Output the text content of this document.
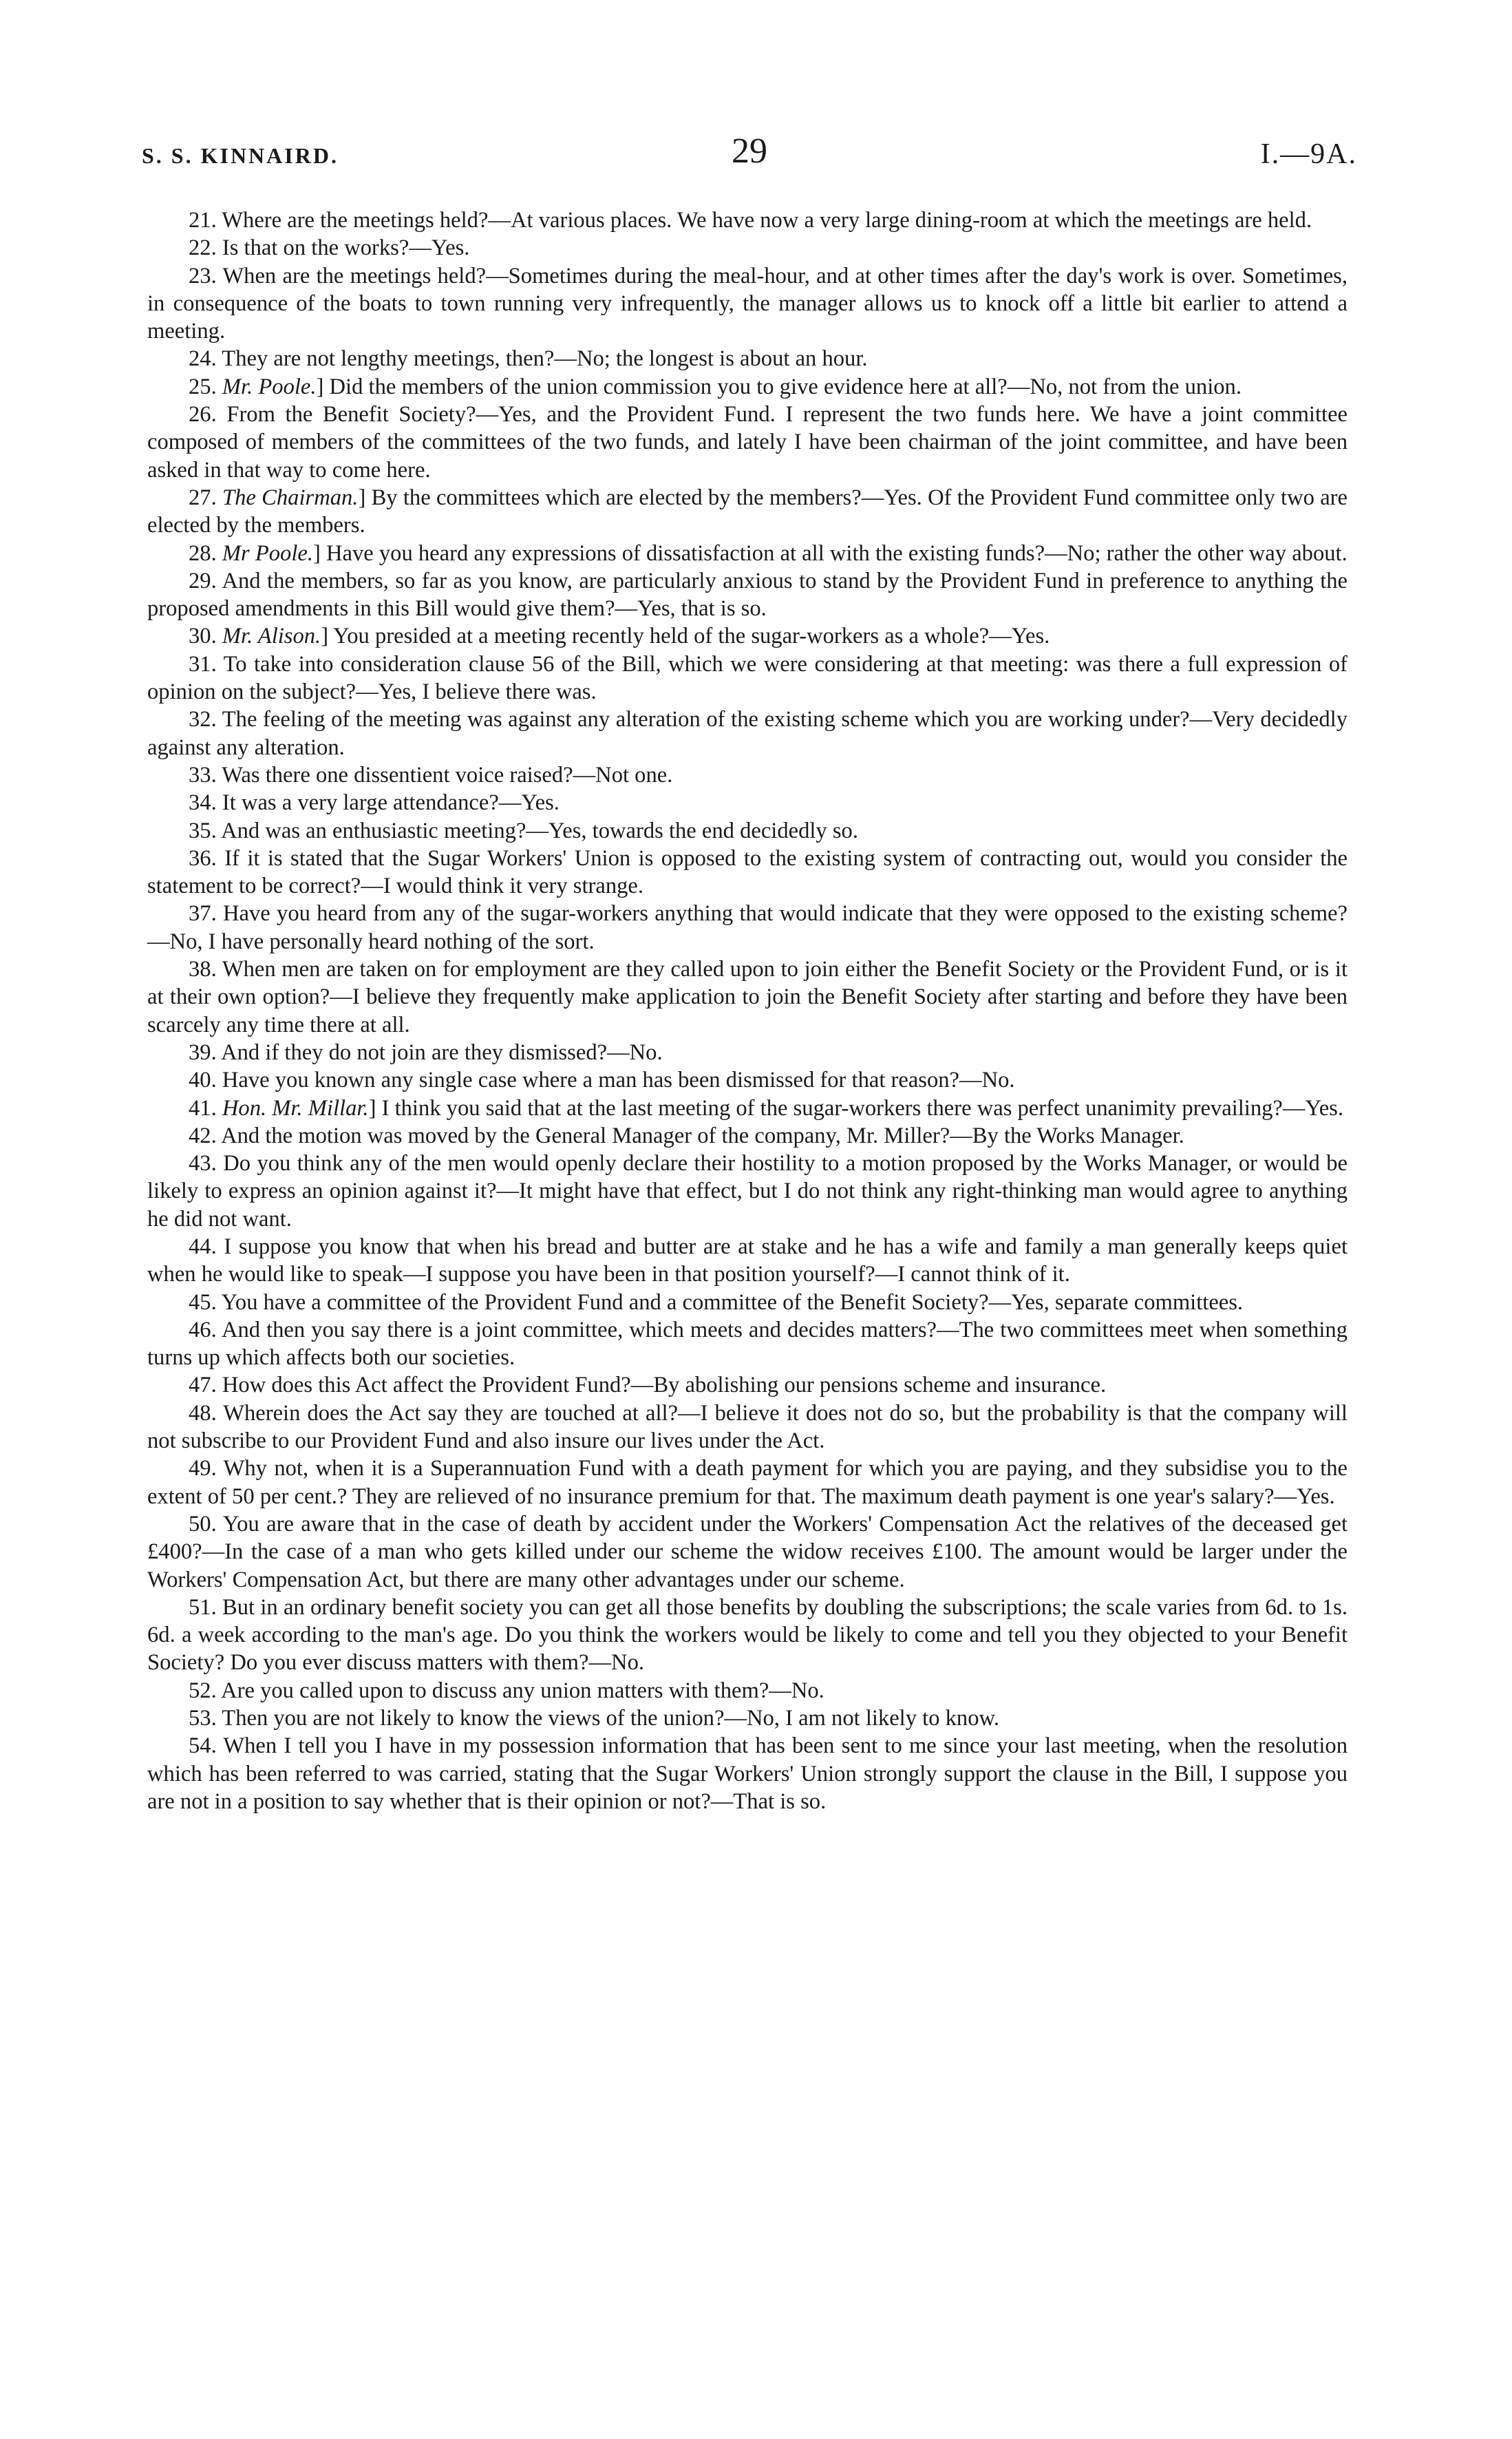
S. S. KINNAIRD.	29	I.—9A.

21. Where are the meetings held?—At various places. We have now a very large dining-room at which the meetings are held.

22. Is that on the works?—Yes.

23. When are the meetings held?—Sometimes during the meal-hour, and at other times after the day's work is over. Sometimes, in consequence of the boats to town running very infrequently, the manager allows us to knock off a little bit earlier to attend a meeting.

24. They are not lengthy meetings, then?—No; the longest is about an hour.

25. Mr. Poole.] Did the members of the union commission you to give evidence here at all?—No, not from the union.

26. From the Benefit Society?—Yes, and the Provident Fund. I represent the two funds here. We have a joint committee composed of members of the committees of the two funds, and lately I have been chairman of the joint committee, and have been asked in that way to come here.

27. The Chairman.] By the committees which are elected by the members?—Yes. Of the Provident Fund committee only two are elected by the members.

28. Mr Poole.] Have you heard any expressions of dissatisfaction at all with the existing funds?—No; rather the other way about.

29. And the members, so far as you know, are particularly anxious to stand by the Provident Fund in preference to anything the proposed amendments in this Bill would give them?—Yes, that is so.

30. Mr. Alison.] You presided at a meeting recently held of the sugar-workers as a whole?—Yes.

31. To take into consideration clause 56 of the Bill, which we were considering at that meeting: was there a full expression of opinion on the subject?—Yes, I believe there was.

32. The feeling of the meeting was against any alteration of the existing scheme which you are working under?—Very decidedly against any alteration.

33. Was there one dissentient voice raised?—Not one.

34. It was a very large attendance?—Yes.

35. And was an enthusiastic meeting?—Yes, towards the end decidedly so.

36. If it is stated that the Sugar Workers' Union is opposed to the existing system of contracting out, would you consider the statement to be correct?—I would think it very strange.

37. Have you heard from any of the sugar-workers anything that would indicate that they were opposed to the existing scheme?—No, I have personally heard nothing of the sort.

38. When men are taken on for employment are they called upon to join either the Benefit Society or the Provident Fund, or is it at their own option?—I believe they frequently make application to join the Benefit Society after starting and before they have been scarcely any time there at all.

39. And if they do not join are they dismissed?—No.

40. Have you known any single case where a man has been dismissed for that reason?—No.

41. Hon. Mr. Millar.] I think you said that at the last meeting of the sugar-workers there was perfect unanimity prevailing?—Yes.

42. And the motion was moved by the General Manager of the company, Mr. Miller?—By the Works Manager.

43. Do you think any of the men would openly declare their hostility to a motion proposed by the Works Manager, or would be likely to express an opinion against it?—It might have that effect, but I do not think any right-thinking man would agree to anything he did not want.

44. I suppose you know that when his bread and butter are at stake and he has a wife and family a man generally keeps quiet when he would like to speak—I suppose you have been in that position yourself?—I cannot think of it.

45. You have a committee of the Provident Fund and a committee of the Benefit Society?—Yes, separate committees.

46. And then you say there is a joint committee, which meets and decides matters?—The two committees meet when something turns up which affects both our societies.

47. How does this Act affect the Provident Fund?—By abolishing our pensions scheme and insurance.

48. Wherein does the Act say they are touched at all?—I believe it does not do so, but the probability is that the company will not subscribe to our Provident Fund and also insure our lives under the Act.

49. Why not, when it is a Superannuation Fund with a death payment for which you are paying, and they subsidise you to the extent of 50 per cent.? They are relieved of no insurance premium for that. The maximum death payment is one year's salary?—Yes.

50. You are aware that in the case of death by accident under the Workers' Compensation Act the relatives of the deceased get £400?—In the case of a man who gets killed under our scheme the widow receives £100. The amount would be larger under the Workers' Compensation Act, but there are many other advantages under our scheme.

51. But in an ordinary benefit society you can get all those benefits by doubling the subscriptions; the scale varies from 6d. to 1s. 6d. a week according to the man's age. Do you think the workers would be likely to come and tell you they objected to your Benefit Society? Do you ever discuss matters with them?—No.

52. Are you called upon to discuss any union matters with them?—No.

53. Then you are not likely to know the views of the union?—No, I am not likely to know.

54. When I tell you I have in my possession information that has been sent to me since your last meeting, when the resolution which has been referred to was carried, stating that the Sugar Workers' Union strongly support the clause in the Bill, I suppose you are not in a position to say whether that is their opinion or not?—That is so.
